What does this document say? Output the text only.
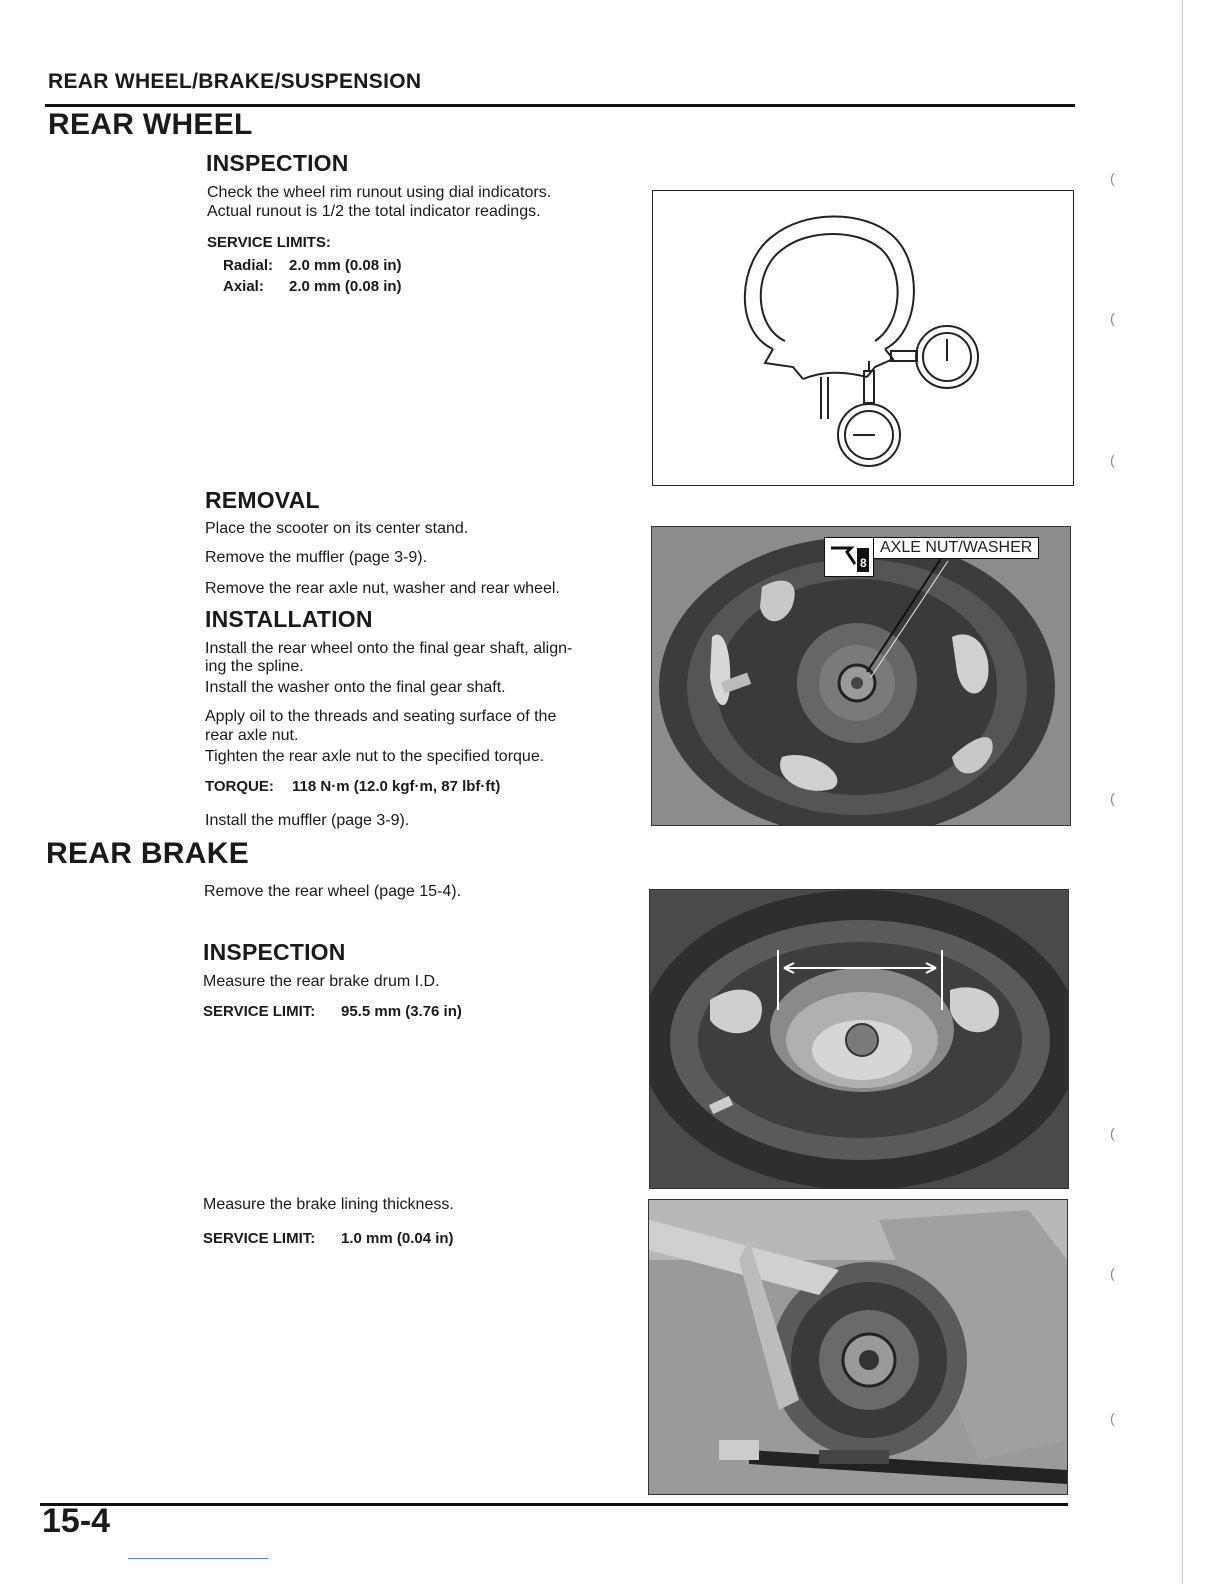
REAR WHEEL/BRAKE/SUSPENSION
REAR WHEEL
INSPECTION
Check the wheel rim runout using dial indicators.
Actual runout is 1/2 the total indicator readings.
SERVICE LIMITS:
Radial: 2.0 mm (0.08 in)
Axial: 2.0 mm (0.08 in)
REMOVAL
Place the scooter on its center stand.
Remove the muffler (page 3-9).
Remove the rear axle nut, washer and rear wheel.
INSTALLATION
Install the rear wheel onto the final gear shaft, align-
ing the spline.
Install the washer onto the final gear shaft.
Apply oil to the threads and seating surface of the
rear axle nut.
Tighten the rear axle nut to the specified torque.
TORQUE: 118 N·m (12.0 kgf·m, 87 lbf·ft)
Install the muffler (page 3-9).
8
AXLE NUT/WASHER
REAR BRAKE
Remove the rear wheel (page 15-4).
INSPECTION
Measure the rear brake drum I.D.
SERVICE LIMIT: 95.5 mm (3.76 in)
Measure the brake lining thickness.
SERVICE LIMIT: 1.0 mm (0.04 in)
15-4
(
(
(
(
(
(
(
